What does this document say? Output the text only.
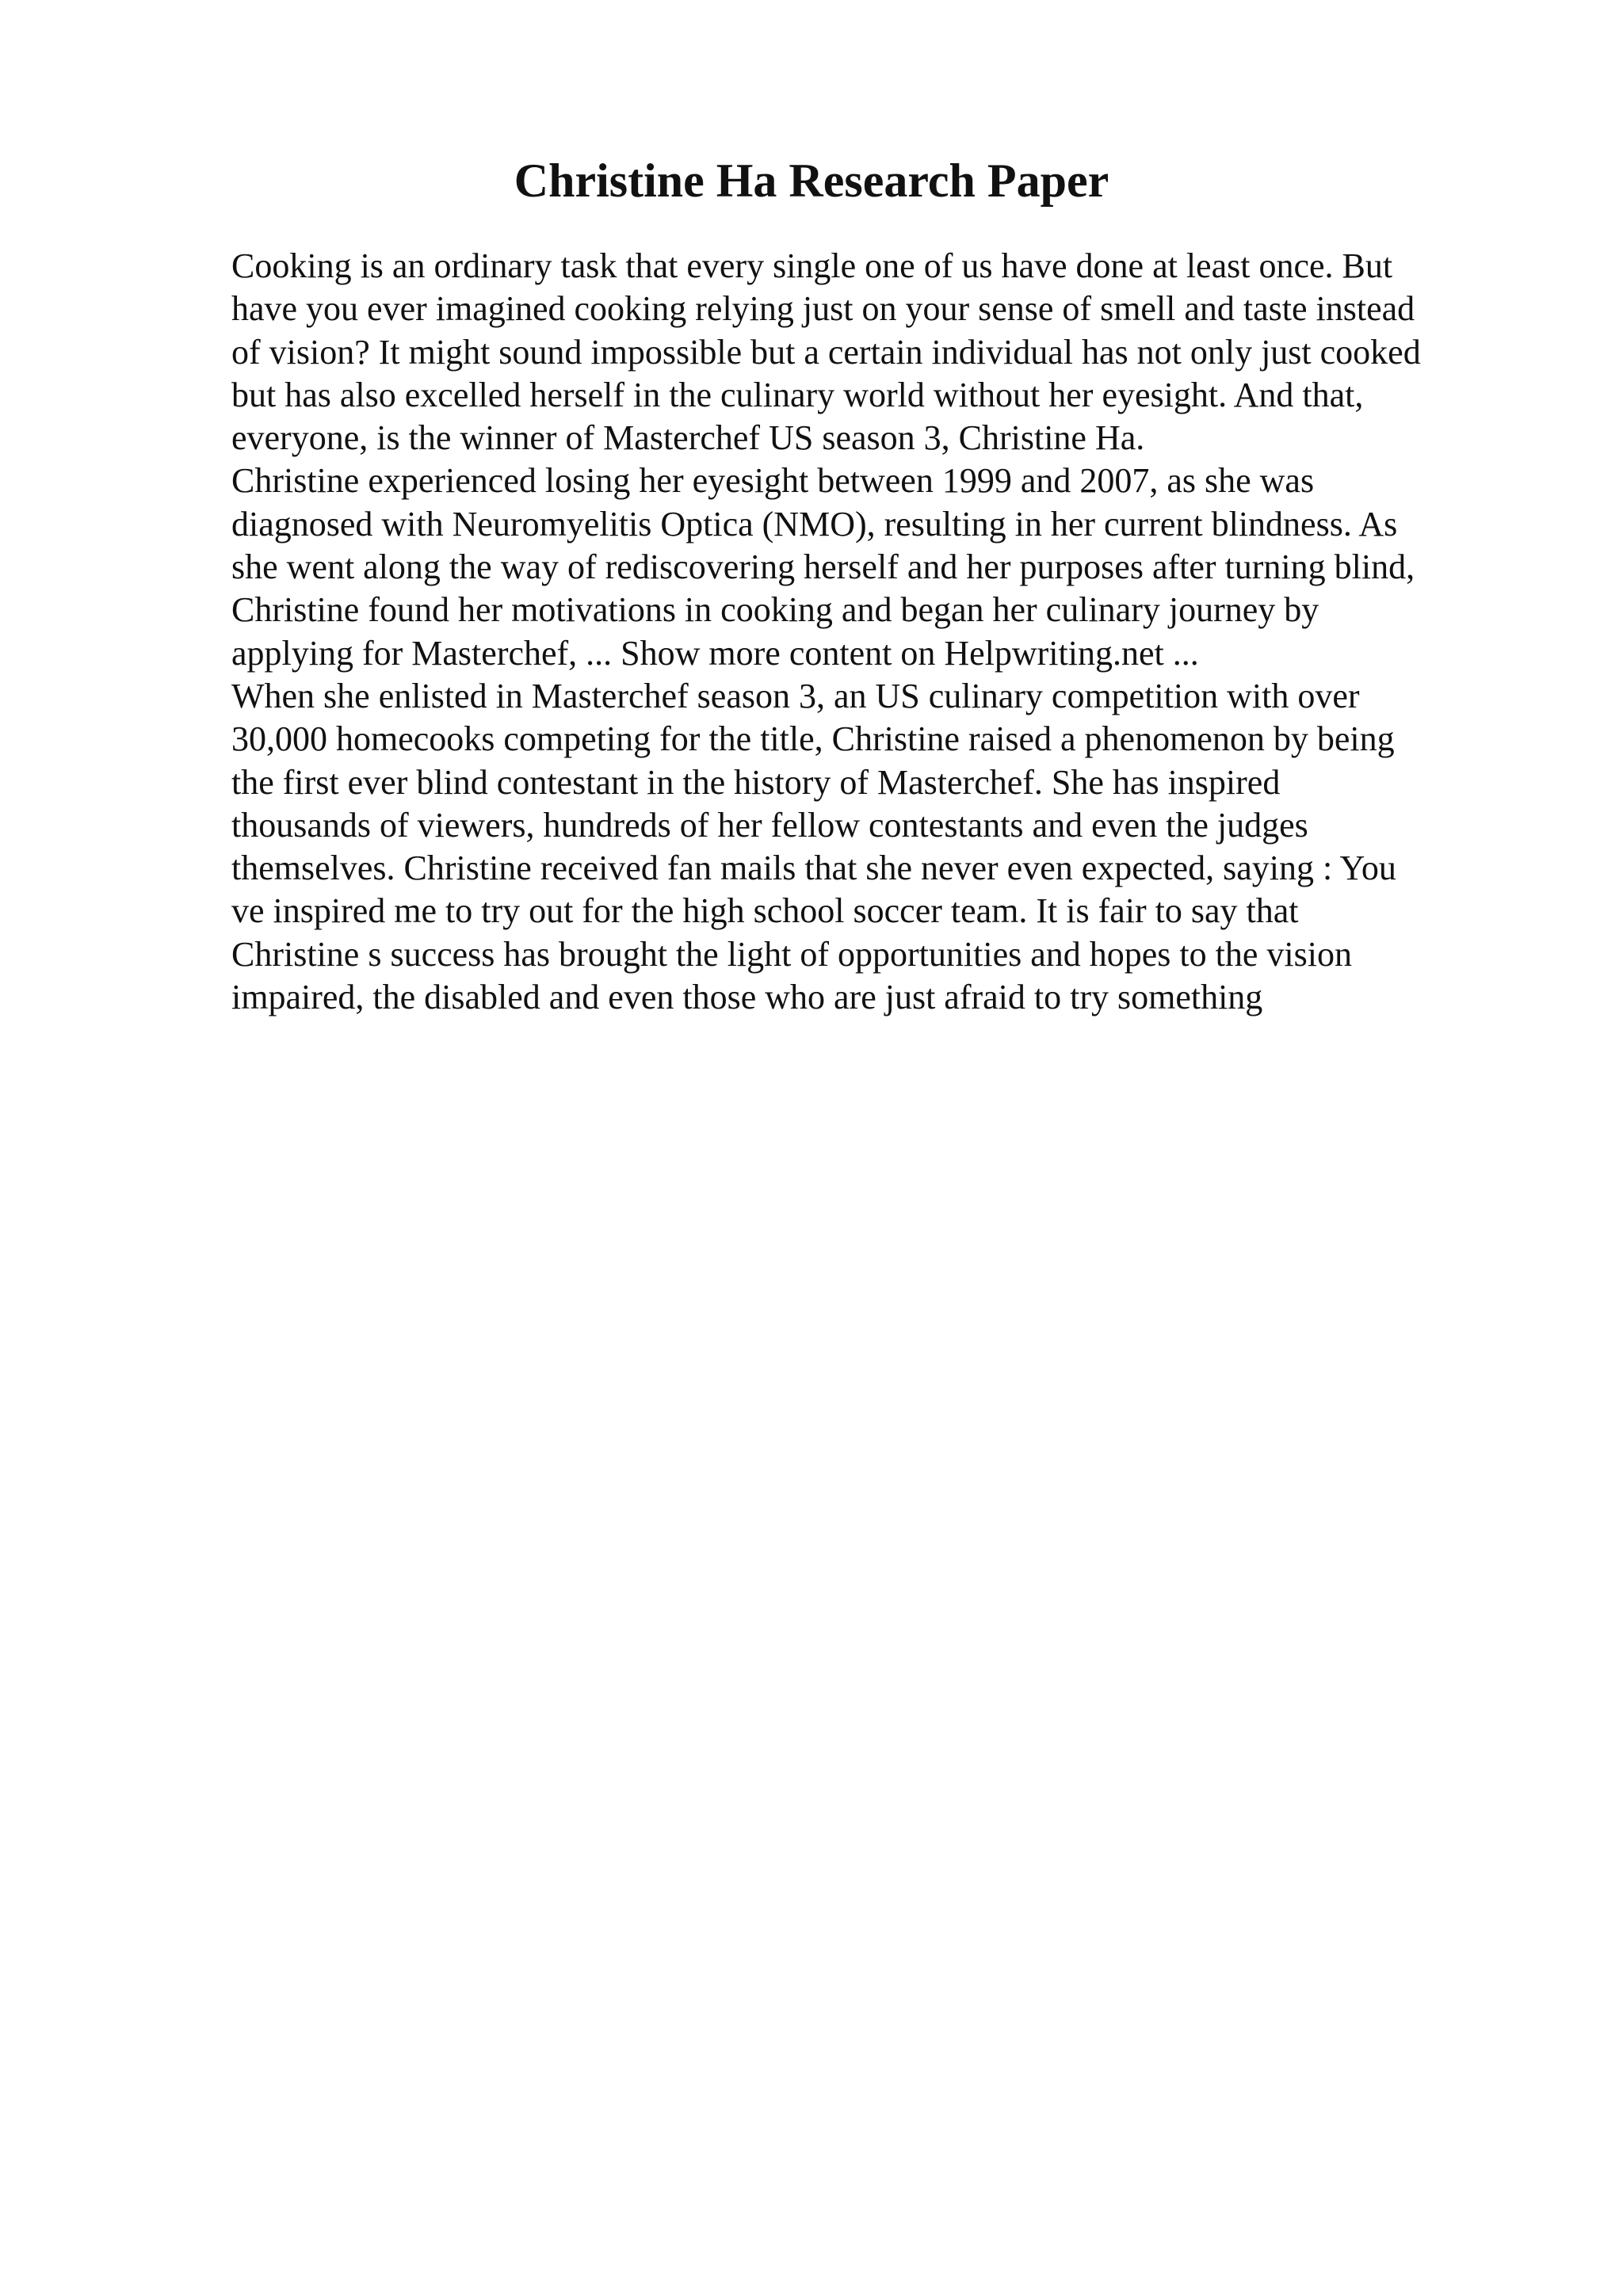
Christine Ha Research Paper
Cooking is an ordinary task that every single one of us have done at least once. But
have you ever imagined cooking relying just on your sense of smell and taste instead
of vision? It might sound impossible but a certain individual has not only just cooked
but has also excelled herself in the culinary world without her eyesight. And that,
everyone, is the winner of Masterchef US season 3, Christine Ha.
Christine experienced losing her eyesight between 1999 and 2007, as she was
diagnosed with Neuromyelitis Optica (NMO), resulting in her current blindness. As
she went along the way of rediscovering herself and her purposes after turning blind,
Christine found her motivations in cooking and began her culinary journey by
applying for Masterchef, ... Show more content on Helpwriting.net ...
When she enlisted in Masterchef season 3, an US culinary competition with over
30,000 homecooks competing for the title, Christine raised a phenomenon by being
the first ever blind contestant in the history of Masterchef. She has inspired
thousands of viewers, hundreds of her fellow contestants and even the judges
themselves. Christine received fan mails that she never even expected, saying : You
ve inspired me to try out for the high school soccer team. It is fair to say that
Christine s success has brought the light of opportunities and hopes to the vision
impaired, the disabled and even those who are just afraid to try something
